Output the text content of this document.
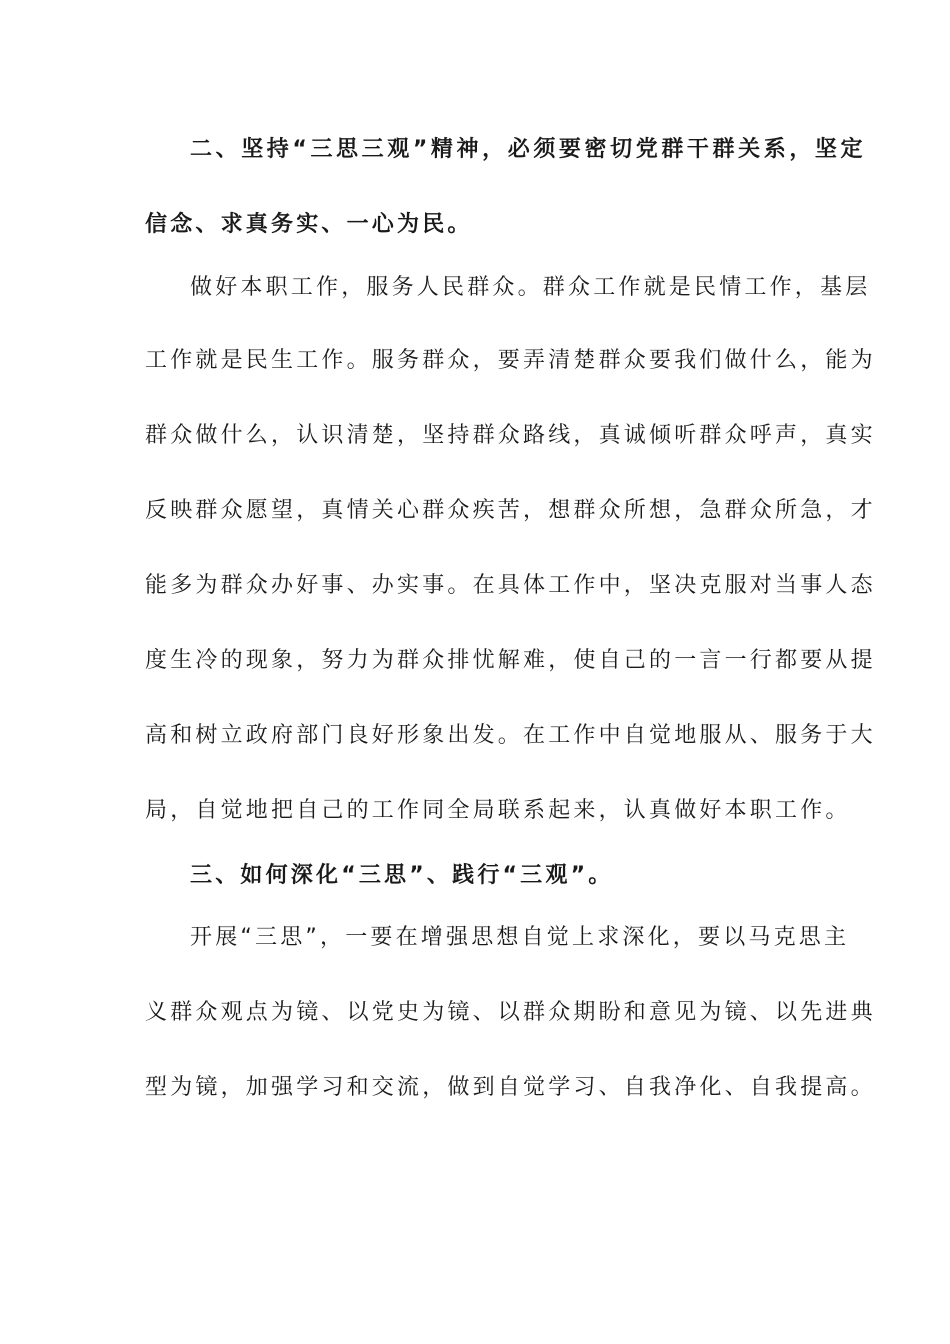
二、坚持“三思三观”精神，必须要密切党群干群关系，坚定
信念、求真务实、一心为民。
做好本职工作，服务人民群众。群众工作就是民情工作，基层
工作就是民生工作。服务群众，要弄清楚群众要我们做什么，能为
群众做什么，认识清楚，坚持群众路线，真诚倾听群众呼声，真实
反映群众愿望，真情关心群众疾苦，想群众所想，急群众所急，才
能多为群众办好事、办实事。在具体工作中，坚决克服对当事人态
度生冷的现象，努力为群众排忧解难，使自己的一言一行都要从提
高和树立政府部门良好形象出发。在工作中自觉地服从、服务于大
局，自觉地把自己的工作同全局联系起来，认真做好本职工作。
三、如何深化“三思”、践行“三观”。
开展“三思”，一要在增强思想自觉上求深化，要以马克思主
义群众观点为镜、以党史为镜、以群众期盼和意见为镜、以先进典
型为镜，加强学习和交流，做到自觉学习、自我净化、自我提高。
